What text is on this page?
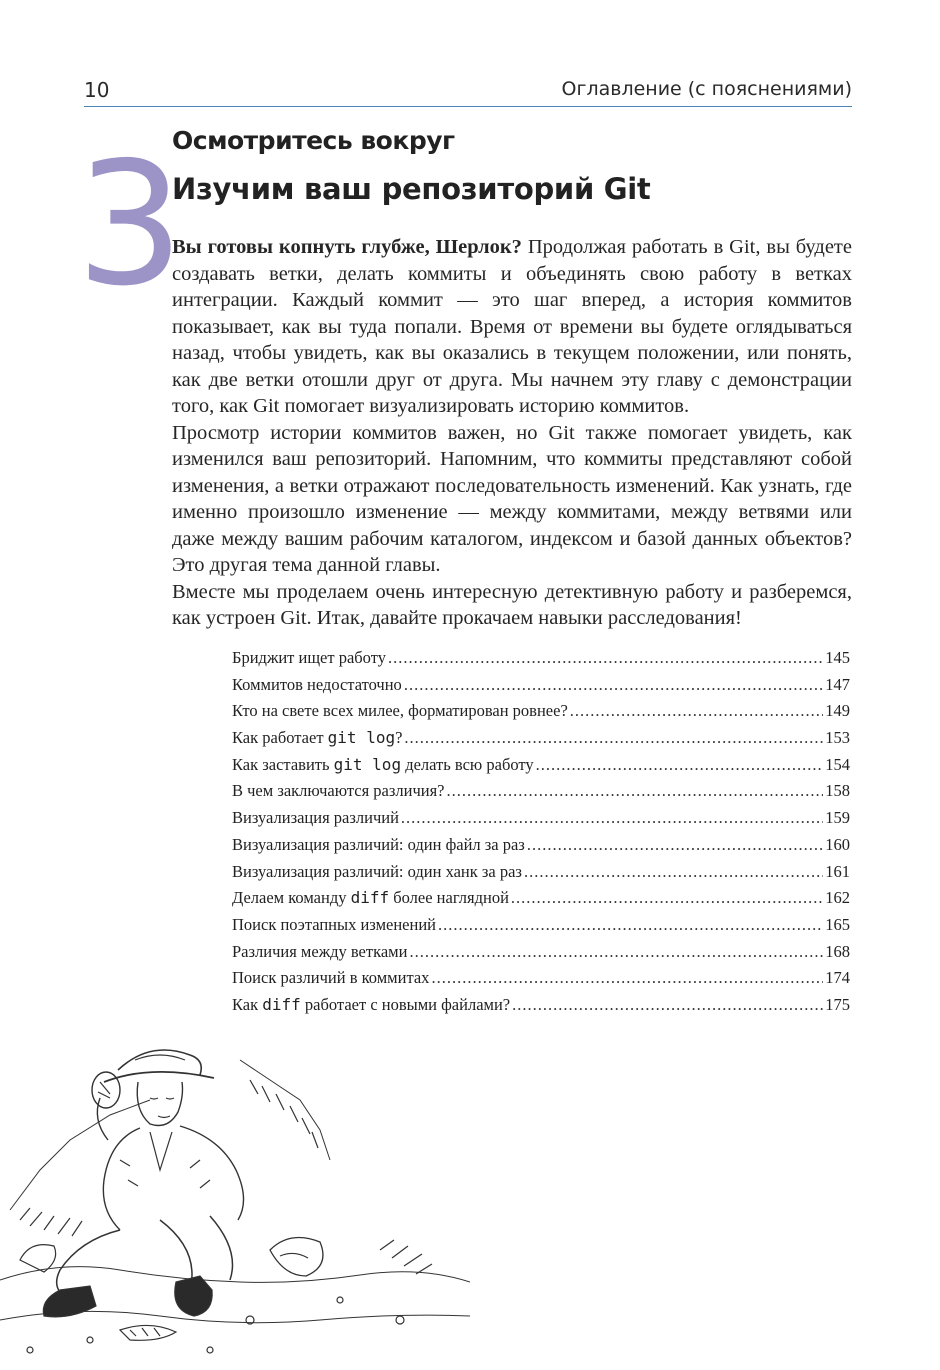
10	Оглавление (с пояснениями)
3
Осмотритесь вокруг
Изучим ваш репозиторий Git

Вы готовы копнуть глубже, Шерлок? Продолжая работать в Git, вы будете создавать ветки, делать коммиты и объединять свою работу в ветках интеграции. Каждый коммит — это шаг вперед, а история коммитов показывает, как вы туда попали. Время от времени вы будете оглядываться назад, чтобы увидеть, как вы оказались в текущем положении, или понять, как две ветки отошли друг от друга. Мы начнем эту главу с демонстрации того, как Git помогает визуализировать историю коммитов.

Просмотр истории коммитов важен, но Git также помогает увидеть, как изменился ваш репозиторий. Напомним, что коммиты представляют собой изменения, а ветки отражают последовательность изменений. Как узнать, где именно произошло изменение — между коммитами, между ветвями или даже между вашим рабочим каталогом, индексом и базой данных объектов? Это другая тема данной главы.

Вместе мы проделаем очень интересную детективную работу и разберемся, как устроен Git. Итак, давайте прокачаем навыки расследования!

Бриджит ищет работу .....	145
Коммитов недостаточно .....	147
Кто на свете всех милее, форматирован ровнее? .....	149
Как работает git log? .....	153
Как заставить git log делать всю работу .....	154
В чем заключаются различия? .....	158
Визуализация различий .....	159
Визуализация различий: один файл за раз .....	160
Визуализация различий: один ханк за раз .....	161
Делаем команду diff более наглядной .....	162
Поиск поэтапных изменений .....	165
Различия между ветками .....	168
Поиск различий в коммитах .....	174
Как diff работает с новыми файлами? .....	175
